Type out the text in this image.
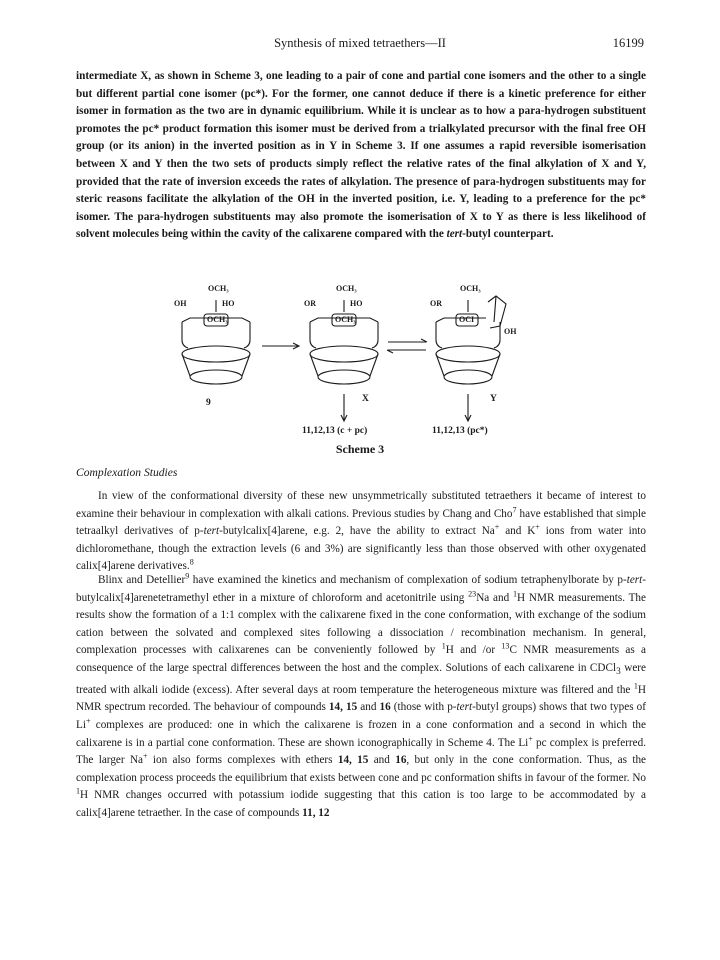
Synthesis of mixed tetraethers—II	16199

intermediate X, as shown in Scheme 3, one leading to a pair of cone and partial cone isomers and the other to a single but different partial cone isomer (pc*). For the former, one cannot deduce if there is a kinetic preference for either isomer in formation as the two are in dynamic equilibrium. While it is unclear as to how a para-hydrogen substituent promotes the pc* product formation this isomer must be derived from a trialkylated precursor with the final free OH group (or its anion) in the inverted position as in Y in Scheme 3. If one assumes a rapid reversible isomerisation between X and Y then the two sets of products simply reflect the relative rates of the final alkylation of X and Y, provided that the rate of inversion exceeds the rates of alkylation. The presence of para-hydrogen substituents may for steric reasons facilitate the alkylation of the OH in the inverted position, i.e. Y, leading to a preference for the pc* isomer. The para-hydrogen substituents may also promote the isomerisation of X to Y as there is less likelihood of solvent molecules being within the cavity of the calixarene compared with the tert-butyl counterpart.

OCH₃
OH	HO
OCH₃
OCH₃
OR	HO
OCH₃
OCH₃
OR
OCI
OH
9	X	Y
11,12,13 (c + pc)	11,12,13 (pc*)
Scheme 3

Complexation Studies

In view of the conformational diversity of these new unsymmetrically substituted tetraethers it became of interest to examine their behaviour in complexation with alkali cations. Previous studies by Chang and Cho$^7$ have established that simple tetraalkyl derivatives of p-tert-butylcalix[4]arene, e.g. 2, have the ability to extract Na+ and K+ ions from water into dichloromethane, though the extraction levels (6 and 3%) are significantly less than those observed with other oxygenated calix[4]arene derivatives.$^8$

Blinx and Detellier$^9$ have examined the kinetics and mechanism of complexation of sodium tetraphenylborate by p-tert-butylcalix[4]arenetetramethyl ether in a mixture of chloroform and acetonitrile using $^{23}$Na and $^1$H NMR measurements. The results show the formation of a 1:1 complex with the calixarene fixed in the cone conformation, with exchange of the sodium cation between the solvated and complexed sites following a dissociation / recombination mechanism. In general, complexation processes with calixarenes can be conveniently followed by $^1$H and /or $^{13}$C NMR measurements as a consequence of the large spectral differences between the host and the complex. Solutions of each calixarene in CDCl$_3$ were treated with alkali iodide (excess). After several days at room temperature the heterogeneous mixture was filtered and the $^1$H NMR spectrum recorded. The behaviour of compounds 14, 15 and 16 (those with p-tert-butyl groups) shows that two types of Li+ complexes are produced: one in which the calixarene is frozen in a cone conformation and a second in which the calixarene is in a partial cone conformation. These are shown iconographically in Scheme 4. The Li+ pc complex is preferred. The larger Na+ ion also forms complexes with ethers 14, 15 and 16, but only in the cone conformation. Thus, as the complexation process proceeds the equilibrium that exists between cone and pc conformation shifts in favour of the former. No $^1$H NMR changes occurred with potassium iodide suggesting that this cation is too large to be accommodated by a calix[4]arene tetraether. In the case of compounds 11, 12
